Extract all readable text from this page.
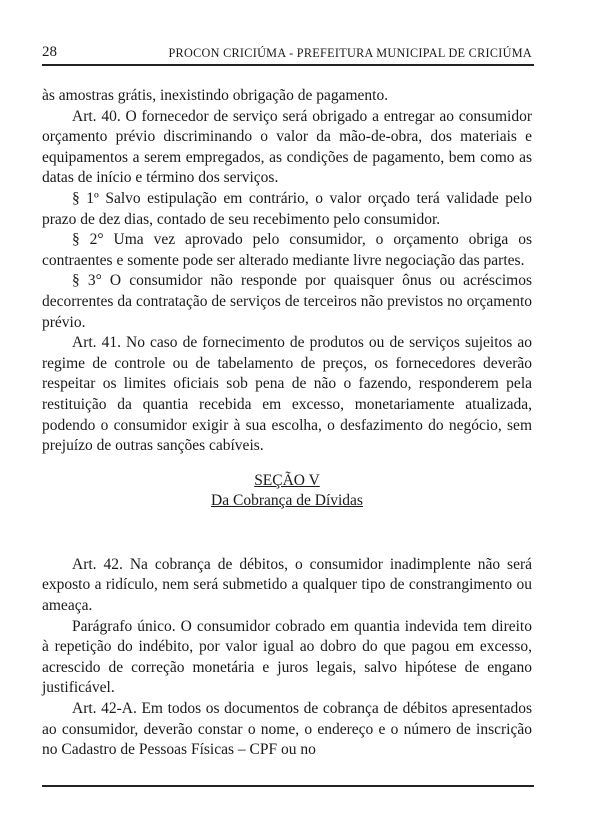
28	PROCON CRICIÚMA - PREFEITURA MUNICIPAL DE CRICIÚMA

às amostras grátis, inexistindo obrigação de pagamento.

Art. 40. O fornecedor de serviço será obrigado a entregar ao consumidor orçamento prévio discriminando o valor da mão-de-obra, dos materiais e equipamentos a serem empregados, as condições de pagamento, bem como as datas de início e término dos serviços.

§ 1º Salvo estipulação em contrário, o valor orçado terá validade pelo prazo de dez dias, contado de seu recebimento pelo consumidor.

§ 2° Uma vez aprovado pelo consumidor, o orçamento obriga os contraentes e somente pode ser alterado mediante livre negociação das partes.

§ 3° O consumidor não responde por quaisquer ônus ou acréscimos decorrentes da contratação de serviços de terceiros não previstos no orçamento prévio.

Art. 41. No caso de fornecimento de produtos ou de serviços sujeitos ao regime de controle ou de tabelamento de preços, os fornecedores deverão respeitar os limites oficiais sob pena de não o fazendo, responderem pela restituição da quantia recebida em excesso, monetariamente atualizada, podendo o consumidor exigir à sua escolha, o desfazimento do negócio, sem prejuízo de outras sanções cabíveis.

SEÇÃO V

Da Cobrança de Dívidas

Art. 42. Na cobrança de débitos, o consumidor inadimplente não será exposto a ridículo, nem será submetido a qualquer tipo de constrangimento ou ameaça.

Parágrafo único. O consumidor cobrado em quantia indevida tem direito à repetição do indébito, por valor igual ao dobro do que pagou em excesso, acrescido de correção monetária e juros legais, salvo hipótese de engano justificável.

Art. 42-A. Em todos os documentos de cobrança de débitos apresentados ao consumidor, deverão constar o nome, o endereço e o número de inscrição no Cadastro de Pessoas Físicas – CPF ou no
